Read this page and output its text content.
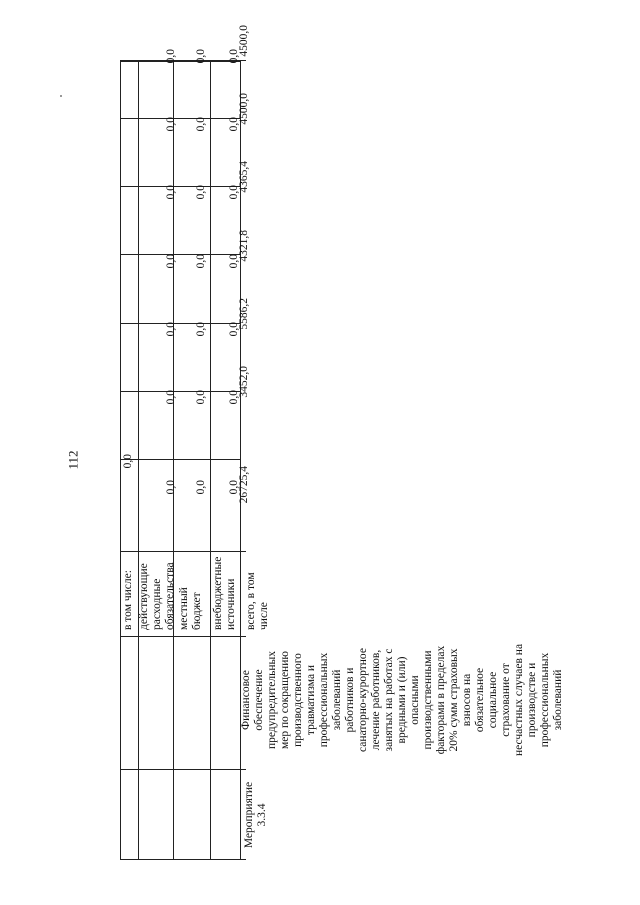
112
в том числе: действующие расходные обязательства местный бюджет внебюджетные источники всего, в том числе
Финансовое обеспечение предупредительных мер по сокращению производственного травматизма и профессиональных заболеваний работников и санаторно-курортное лечение работников, занятых на работах с вредными и (или) опасными производственными факторами в пределах 20% сумм страховых взносов на обязательное социальное страхование от несчастных случаев на производстве и профессиональных заболеваний
Мероприятие 3.3.4
0,0
0,0 0,0 0,0
26725,4
0,0 0,0 0,0
3452,0
0,0 0,0 0,0
5586,2
0,0 0,0 0,0
4321,8
0,0 0,0 0,0
4365,4
0,0 0,0 0,0
4500,0
0,0 0,0 0,0
4500,0
